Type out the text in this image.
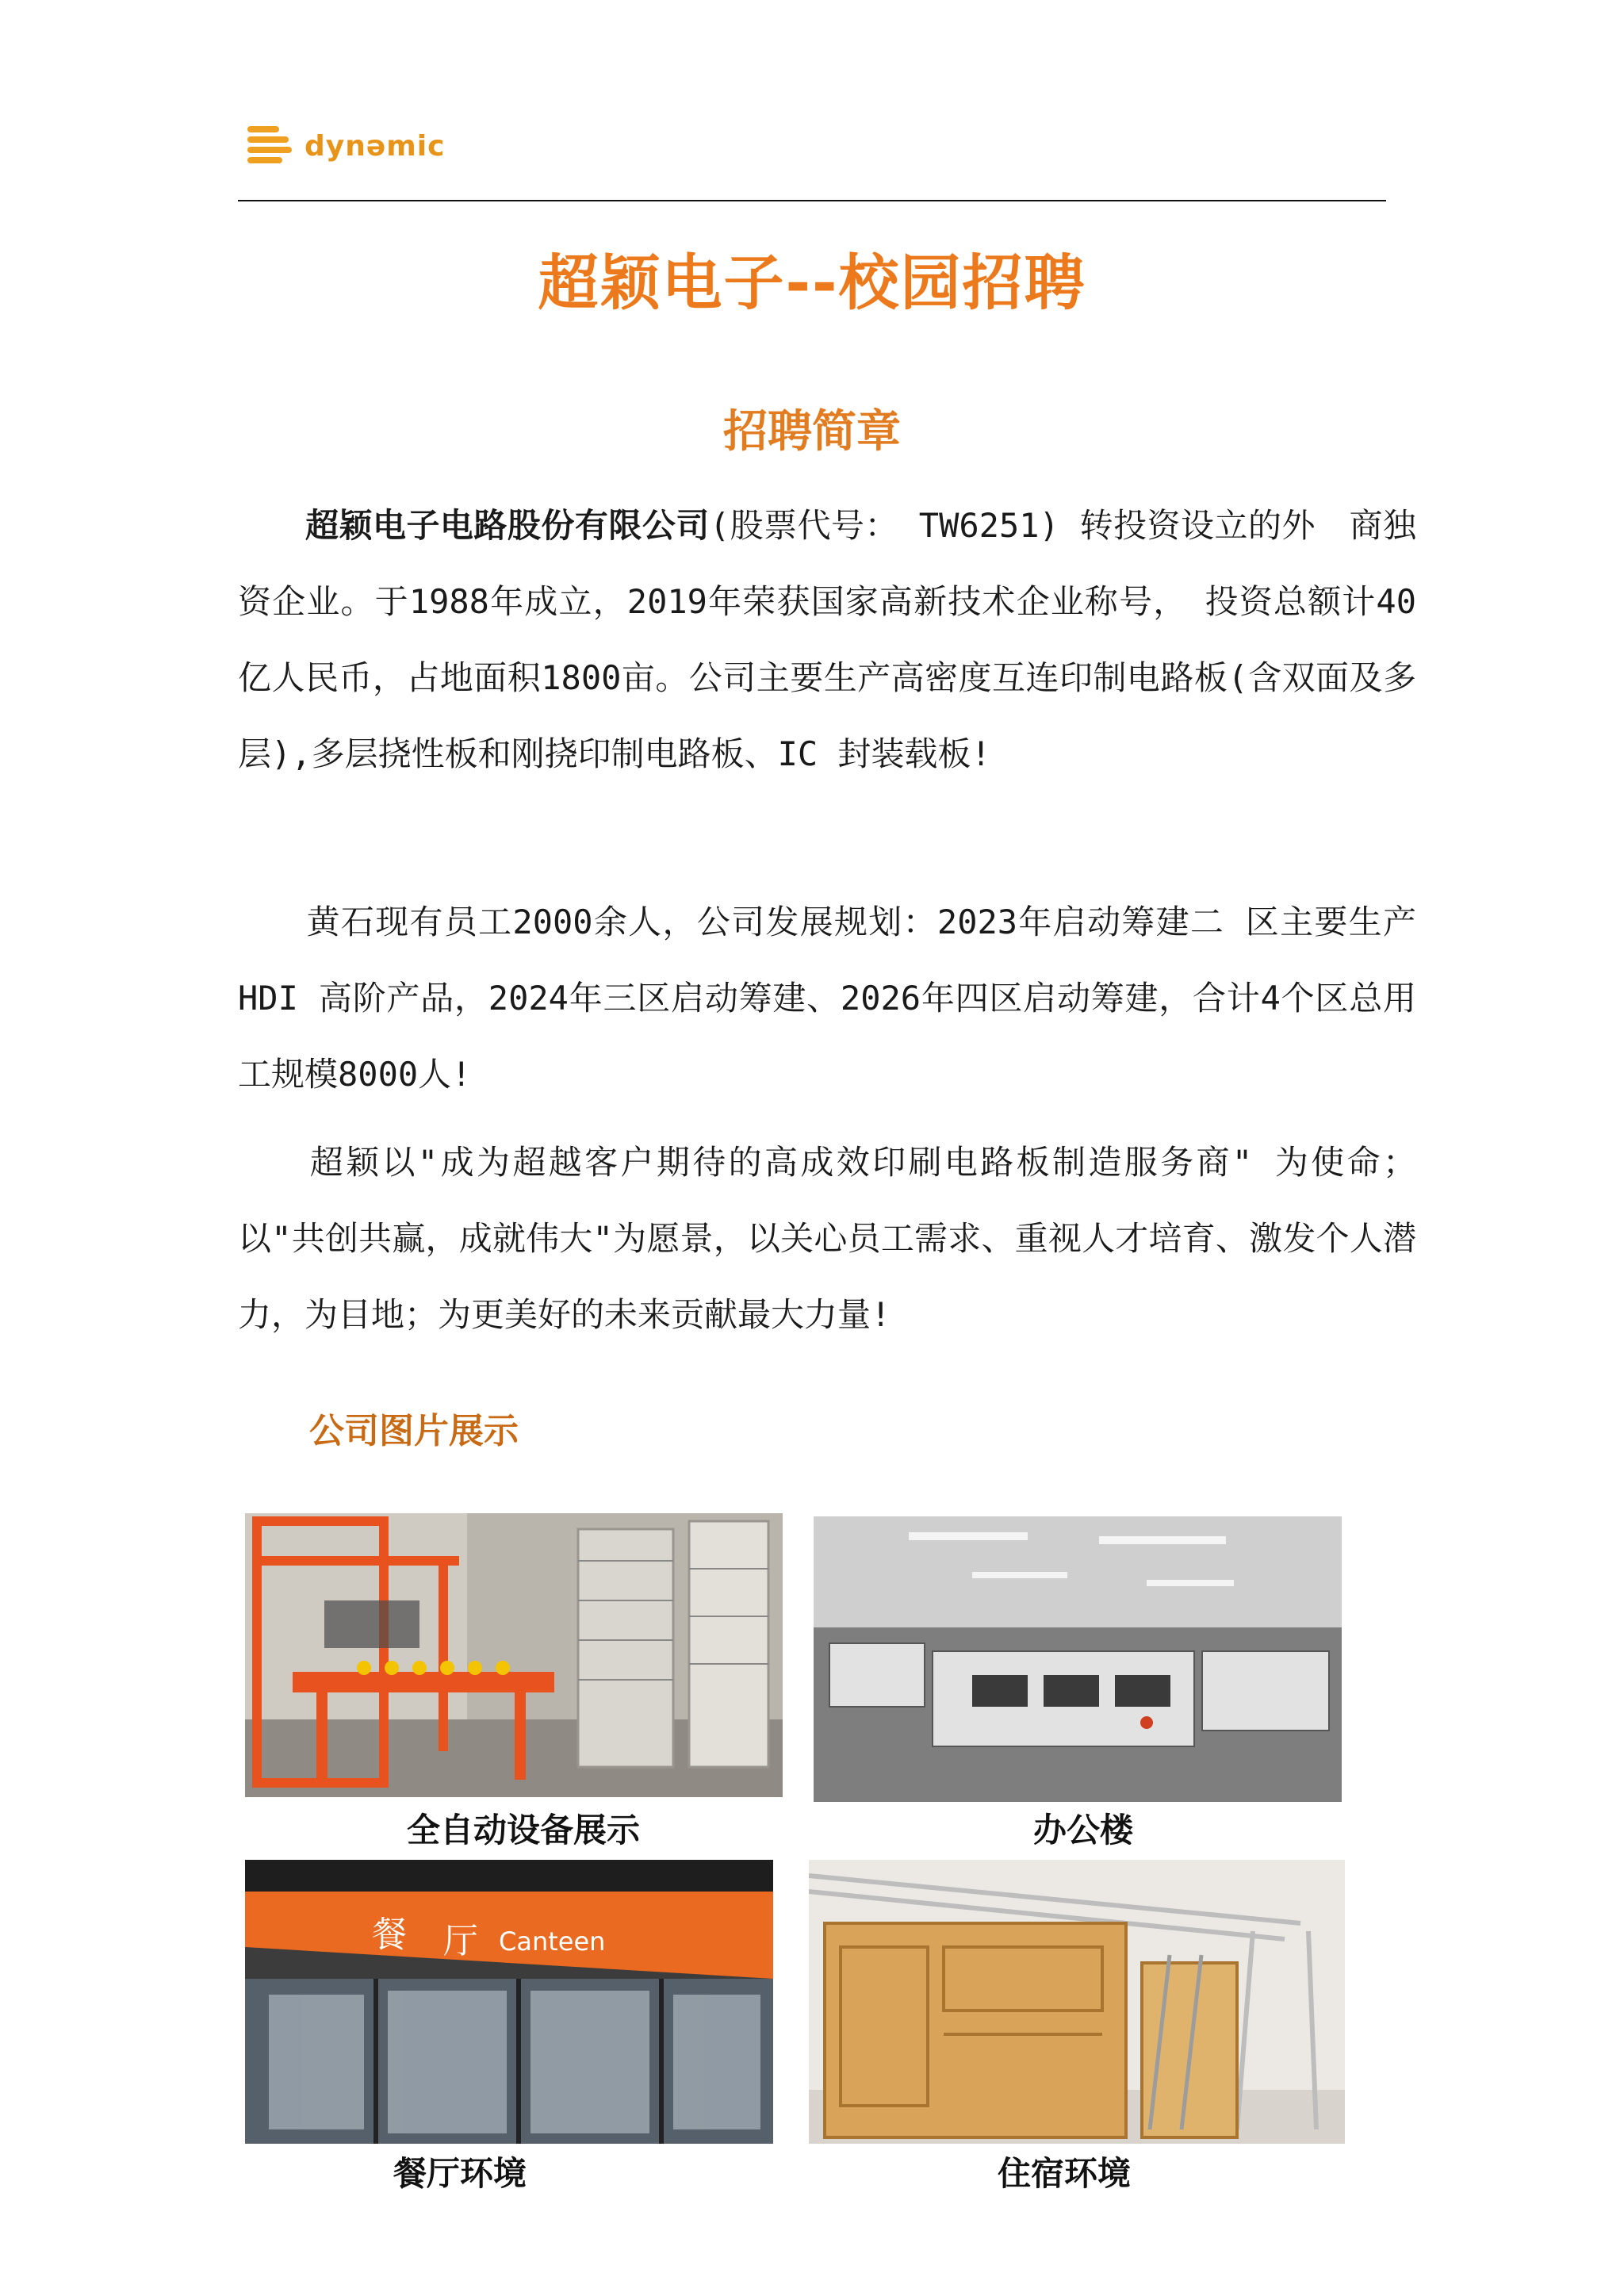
dynəmic
超颖电子--校园招聘
招聘简章

　　超颖电子电路股份有限公司(股票代号： TW6251) 转投资设立的外　商独资企业。于1988年成立，2019年荣获国家高新技术企业称号，　投资总额计40亿人民币，占地面积1800亩。公司主要生产高密度互连印制电路板(含双面及多层),多层挠性板和刚挠印制电路板、IC 封装载板!

　　黄石现有员工2000余人，公司发展规划：2023年启动筹建二 区主要生产HDI 高阶产品，2024年三区启动筹建、2026年四区启动筹建，合计4个区总用工规模8000人!

　　超颖以"成为超越客户期待的高成效印刷电路板制造服务商" 为使命；以"共创共赢，成就伟大"为愿景，以关心员工需求、重视人才培育、激发个人潜力，为目地；为更美好的未来贡献最大力量!

公司图片展示
全自动设备展示	办公楼
餐 厅 Canteen
餐厅环境	住宿环境
